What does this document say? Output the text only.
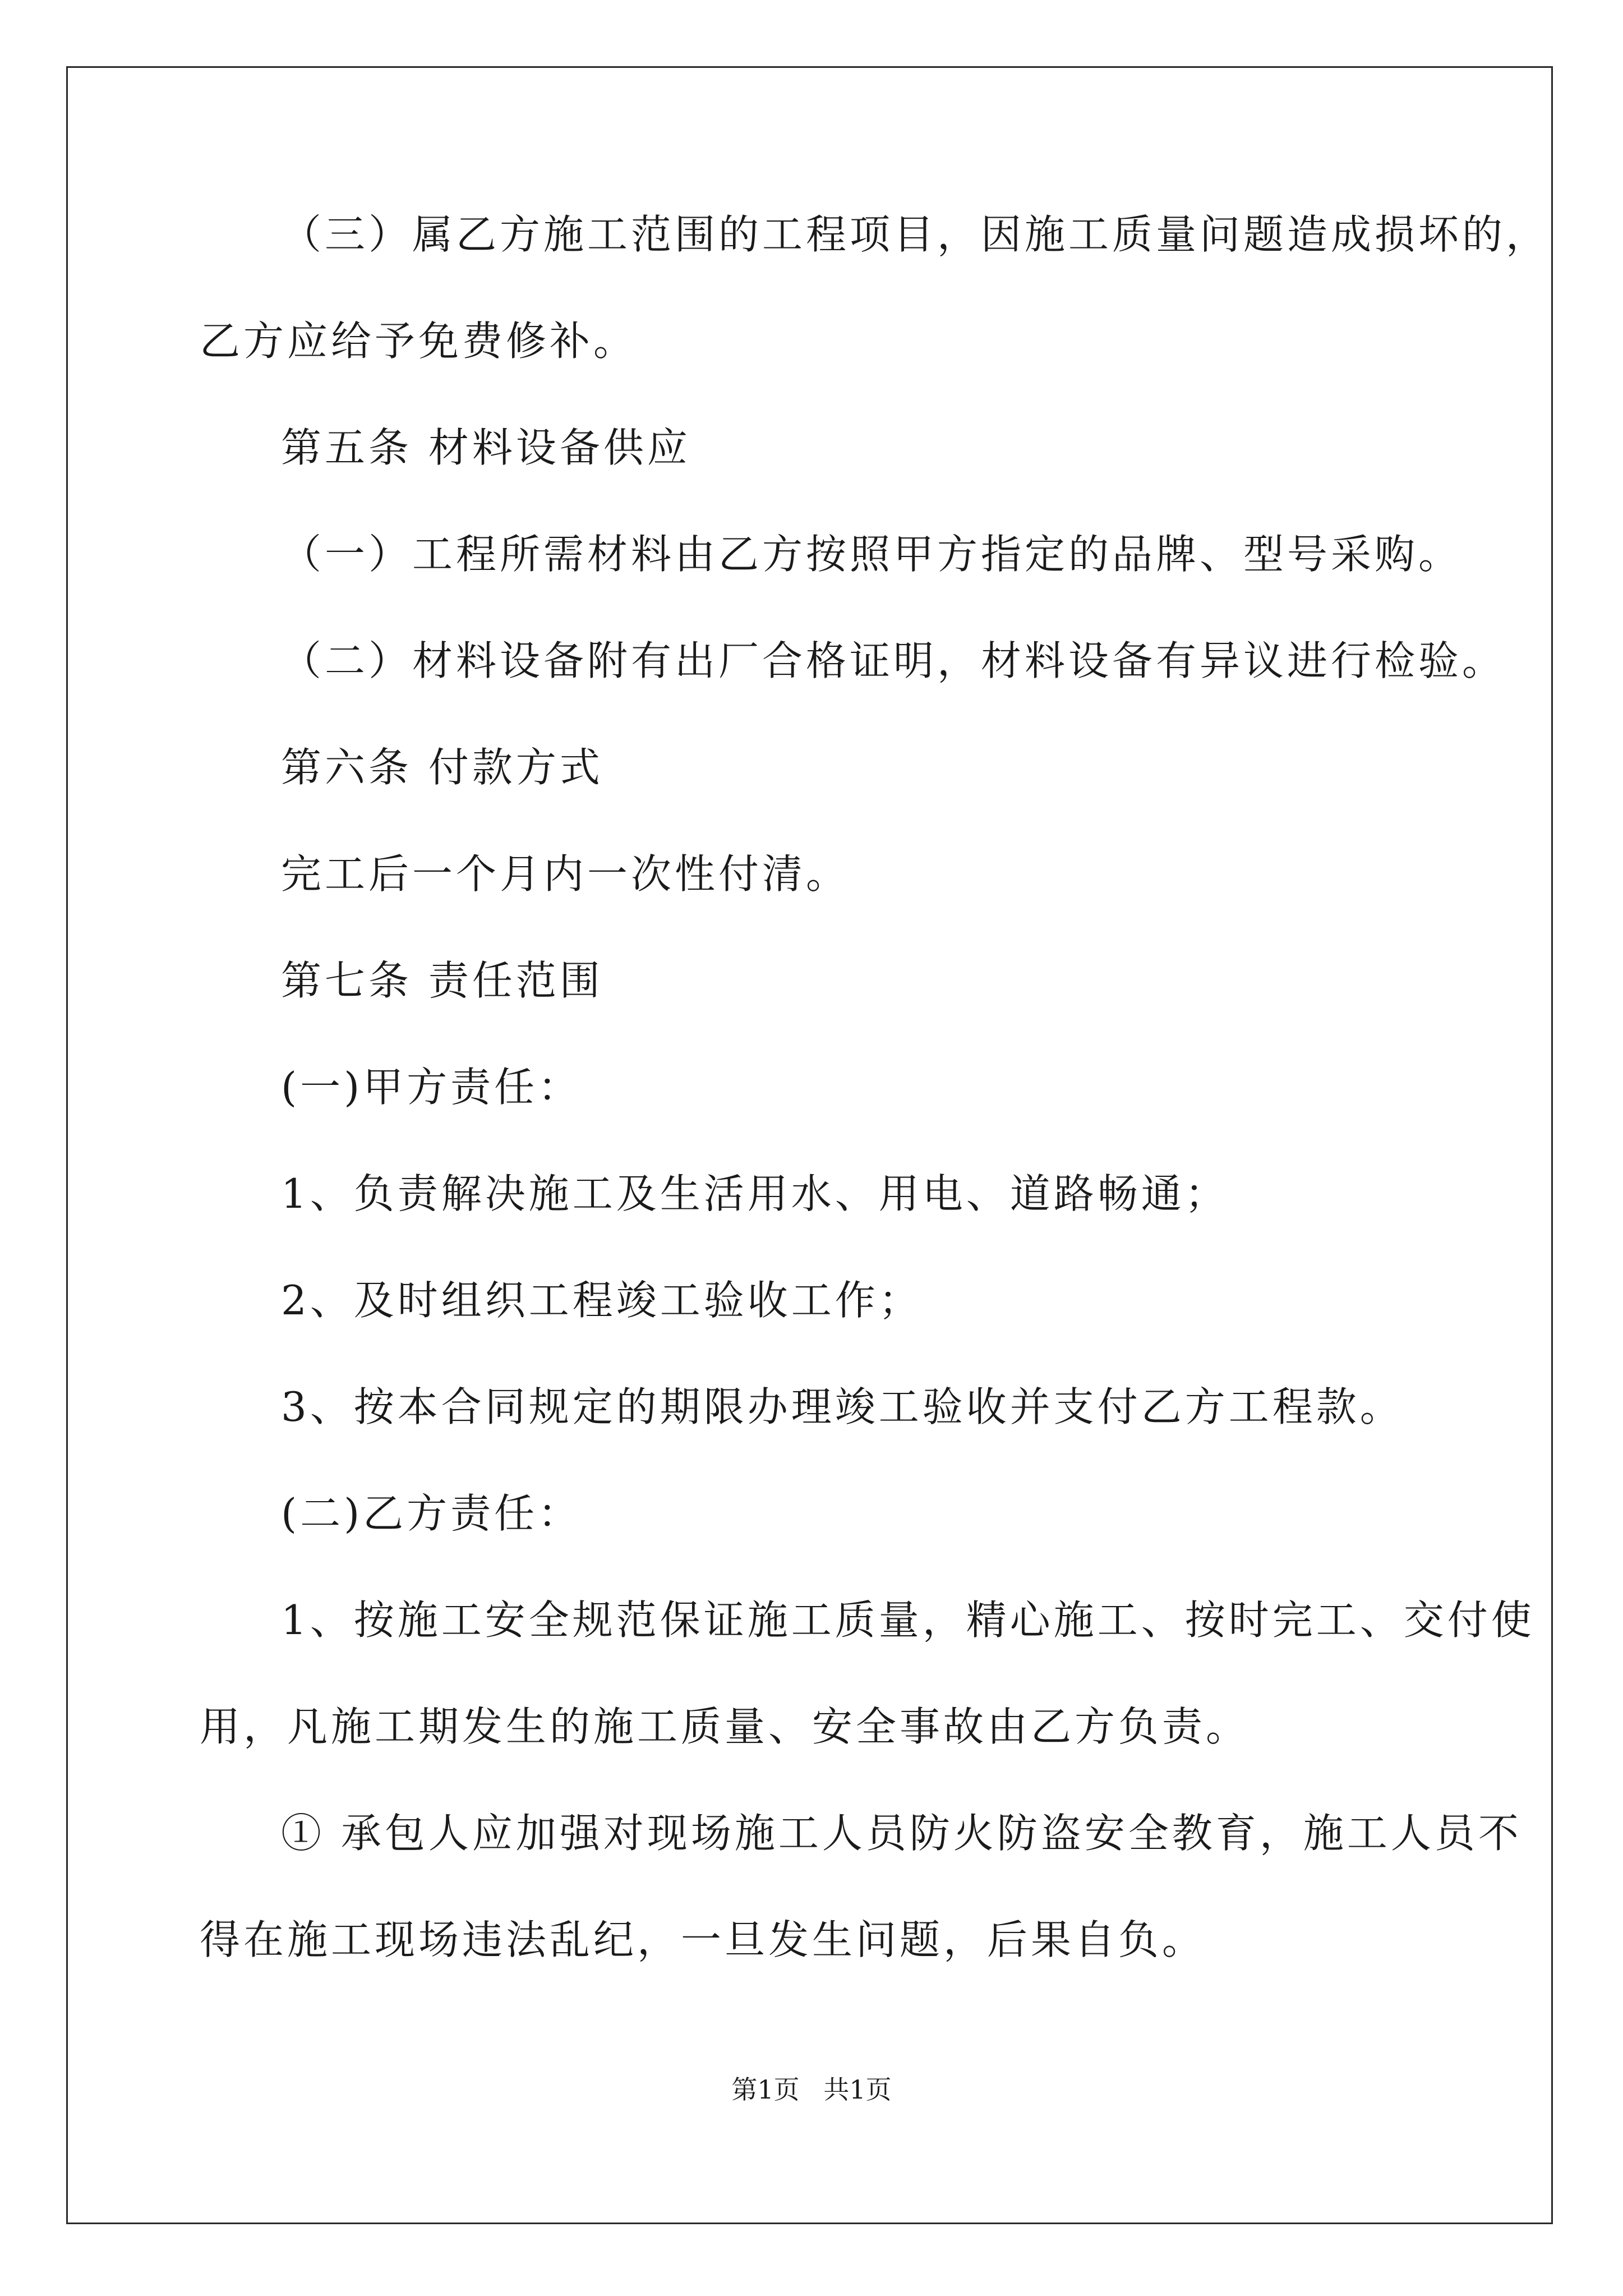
（三）属乙方施工范围的工程项目，因施工质量问题造成损坏的，
乙方应给予免费修补。
第五条 材料设备供应
（一）工程所需材料由乙方按照甲方指定的品牌、型号采购。
（二）材料设备附有出厂合格证明，材料设备有异议进行检验。
第六条 付款方式
完工后一个月内一次性付清。
第七条 责任范围
(一)甲方责任：
1、负责解决施工及生活用水、用电、道路畅通；
2、及时组织工程竣工验收工作；
3、按本合同规定的期限办理竣工验收并支付乙方工程款。
(二)乙方责任：
1、按施工安全规范保证施工质量，精心施工、按时完工、交付使
用，凡施工期发生的施工质量、安全事故由乙方负责。
① 承包人应加强对现场施工人员防火防盗安全教育，施工人员不
得在施工现场违法乱纪，一旦发生问题，后果自负。
第1页 共1页
